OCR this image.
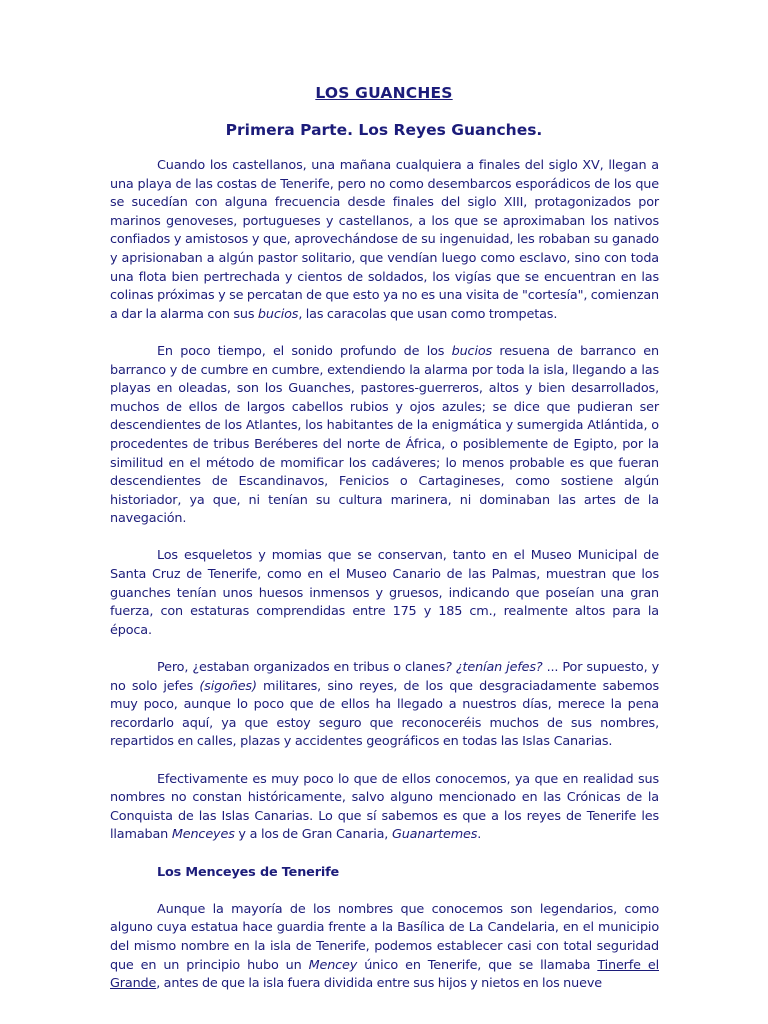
LOS GUANCHES
Primera Parte. Los Reyes Guanches.

Cuando los castellanos, una mañana cualquiera a finales del siglo XV, llegan a una playa de las costas de Tenerife, pero no como desembarcos esporádicos de los que se sucedían con alguna frecuencia desde finales del siglo XIII, protagonizados por marinos genoveses, portugueses y castellanos, a los que se aproximaban los nativos confiados y amistosos y que, aprovechándose de su ingenuidad, les robaban su ganado y aprisionaban a algún pastor solitario, que vendían luego como esclavo, sino con toda una flota bien pertrechada y cientos de soldados, los vigías que se encuentran en las colinas próximas y se percatan de que esto ya no es una visita de "cortesía", comienzan a dar la alarma con sus bucios, las caracolas que usan como trompetas.

En poco tiempo, el sonido profundo de los bucios resuena de barranco en barranco y de cumbre en cumbre, extendiendo la alarma por toda la isla, llegando a las playas en oleadas, son los Guanches, pastores-guerreros, altos y bien desarrollados, muchos de ellos de largos cabellos rubios y ojos azules; se dice que pudieran ser descendientes de los Atlantes, los habitantes de la enigmática y sumergida Atlántida, o procedentes de tribus Beréberes del norte de África, o posiblemente de Egipto, por la similitud en el método de momificar los cadáveres; lo menos probable es que fueran descendientes de Escandinavos, Fenicios o Cartagineses, como sostiene algún historiador, ya que, ni tenían su cultura marinera, ni dominaban las artes de la navegación.

Los esqueletos y momias que se conservan, tanto en el Museo Municipal de Santa Cruz de Tenerife, como en el Museo Canario de las Palmas, muestran que los guanches tenían unos huesos inmensos y gruesos, indicando que poseían una gran fuerza, con estaturas comprendidas entre 175 y 185 cm., realmente altos para la época.

Pero, ¿estaban organizados en tribus o clanes? ¿tenían jefes? ... Por supuesto, y no solo jefes (sigoñes) militares, sino reyes, de los que desgraciadamente sabemos muy poco, aunque lo poco que de ellos ha llegado a nuestros días, merece la pena recordarlo aquí, ya que estoy seguro que reconoceréis muchos de sus nombres, repartidos en calles, plazas y accidentes geográficos en todas las Islas Canarias.

Efectivamente es muy poco lo que de ellos conocemos, ya que en realidad sus nombres no constan históricamente, salvo alguno mencionado en las Crónicas de la Conquista de las Islas Canarias. Lo que sí sabemos es que a los reyes de Tenerife les llamaban Menceyes y a los de Gran Canaria, Guanartemes.

Los Menceyes de Tenerife

Aunque la mayoría de los nombres que conocemos son legendarios, como alguno cuya estatua hace guardia frente a la Basílica de La Candelaria, en el municipio del mismo nombre en la isla de Tenerife, podemos establecer casi con total seguridad que en un principio hubo un Mencey único en Tenerife, que se llamaba Tinerfe el Grande, antes de que la isla fuera dividida entre sus hijos y nietos en los nueve
